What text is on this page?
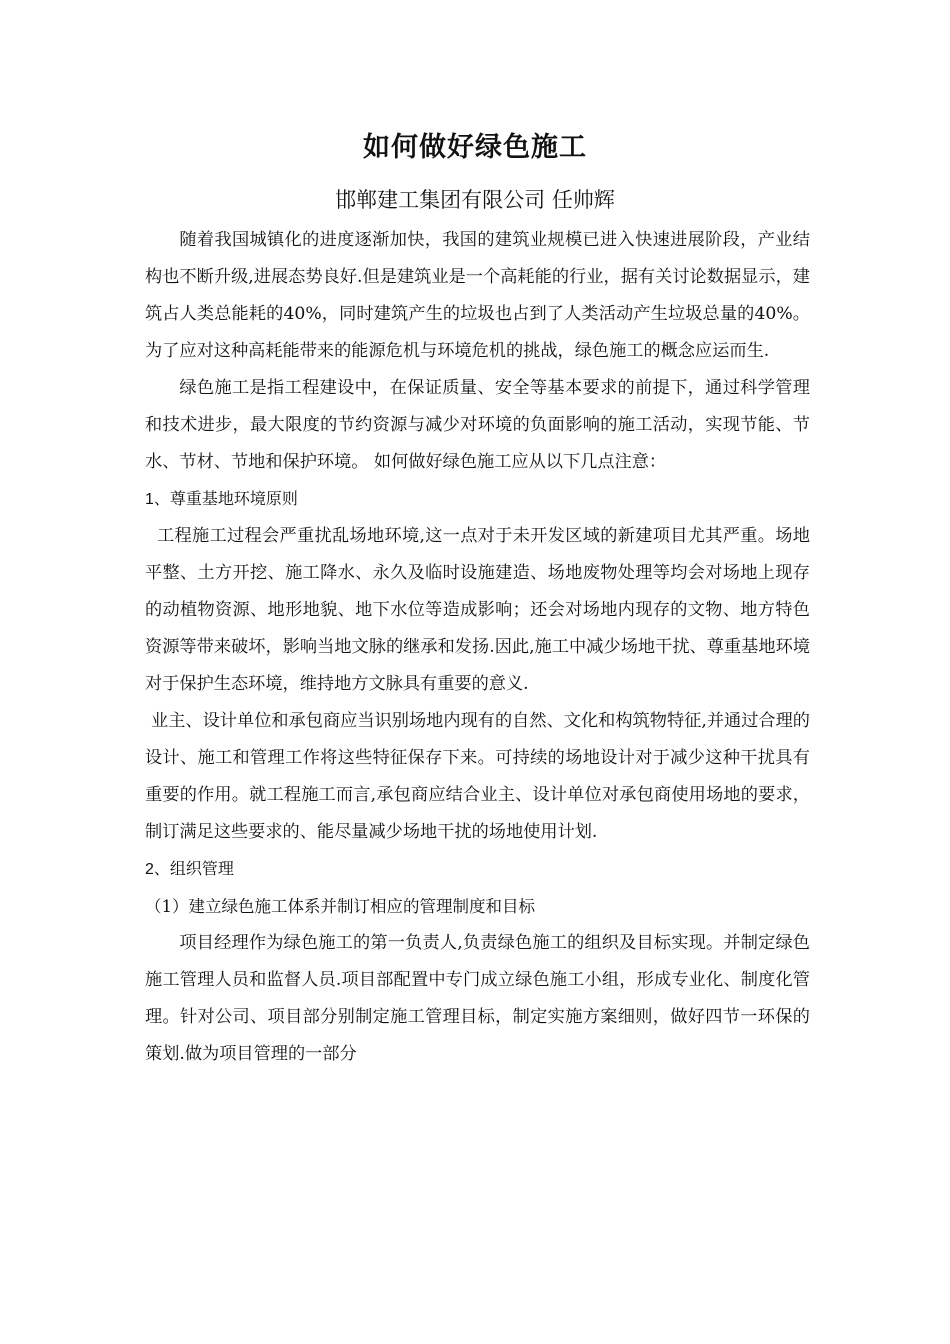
如何做好绿色施工
邯郸建工集团有限公司 任帅辉

随着我国城镇化的进度逐渐加快，我国的建筑业规模已进入快速进展阶段，产业结构也不断升级,进展态势良好.但是建筑业是一个高耗能的行业，据有关讨论数据显示，建筑占人类总能耗的40%，同时建筑产生的垃圾也占到了人类活动产生垃圾总量的40%。为了应对这种高耗能带来的能源危机与环境危机的挑战，绿色施工的概念应运而生.

绿色施工是指工程建设中，在保证质量、安全等基本要求的前提下，通过科学管理和技术进步，最大限度的节约资源与减少对环境的负面影响的施工活动，实现节能、节水、节材、节地和保护环境。 如何做好绿色施工应从以下几点注意：

1、尊重基地环境原则

工程施工过程会严重扰乱场地环境,这一点对于未开发区域的新建项目尤其严重。场地平整、土方开挖、施工降水、永久及临时设施建造、场地废物处理等均会对场地上现存的动植物资源、地形地貌、地下水位等造成影响；还会对场地内现存的文物、地方特色资源等带来破坏，影响当地文脉的继承和发扬.因此,施工中减少场地干扰、尊重基地环境对于保护生态环境，维持地方文脉具有重要的意义.

业主、设计单位和承包商应当识别场地内现有的自然、文化和构筑物特征,并通过合理的设计、施工和管理工作将这些特征保存下来。可持续的场地设计对于减少这种干扰具有重要的作用。就工程施工而言,承包商应结合业主、设计单位对承包商使用场地的要求，制订满足这些要求的、能尽量减少场地干扰的场地使用计划.

2、组织管理

（1）建立绿色施工体系并制订相应的管理制度和目标

项目经理作为绿色施工的第一负责人,负责绿色施工的组织及目标实现。并制定绿色施工管理人员和监督人员.项目部配置中专门成立绿色施工小组，形成专业化、制度化管理。针对公司、项目部分别制定施工管理目标，制定实施方案细则，做好四节一环保的策划.做为项目管理的一部分
